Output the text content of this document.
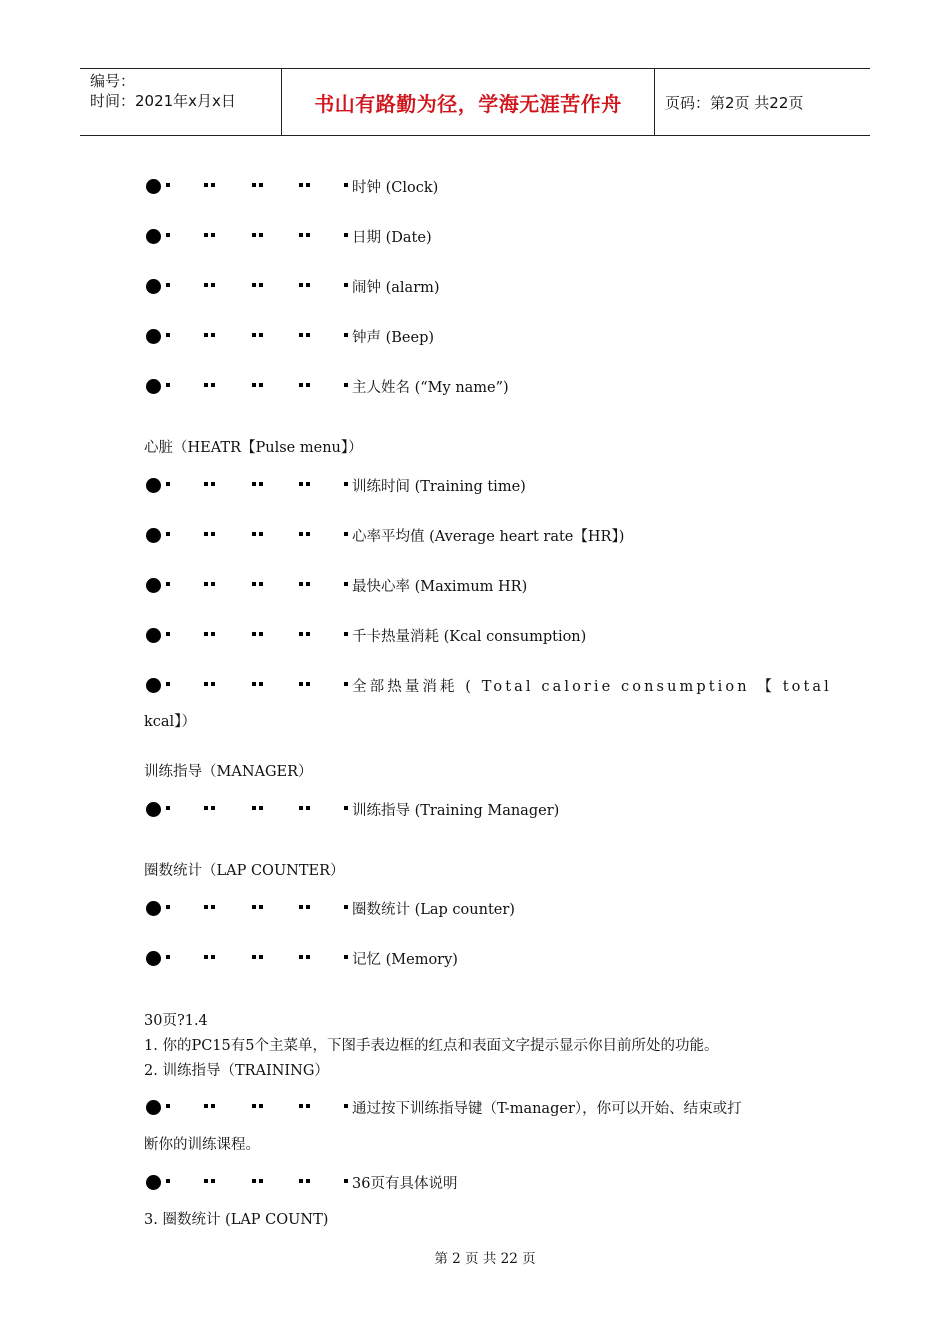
编号：
时间：2021年x月x日	书山有路勤为径，学海无涯苦作舟	页码：第2页 共22页
时钟 (Clock)
日期 (Date)
闹钟 (alarm)
钟声 (Beep)
主人姓名 (“My name”)
心脏（HEATR【Pulse menu】）
训练时间 (Training time)
心率平均值 (Average heart rate【HR】)
最快心率 (Maximum HR)
千卡热量消耗 (Kcal consumption)
全部热量消耗 ( Total calorie consumption 【 total
kcal】）
训练指导（MANAGER）
训练指导 (Training Manager)
圈数统计（LAP COUNTER）
圈数统计 (Lap counter)
记忆 (Memory)
30页?1.4
1. 你的PC15有5个主菜单，下图手表边框的红点和表面文字提示显示你目前所处的功能。
2. 训练指导（TRAINING）
通过按下训练指导键（T-manager），你可以开始、结束或打
断你的训练课程。
36页有具体说明
3. 圈数统计 (LAP COUNT)
第 2 页 共 22 页
